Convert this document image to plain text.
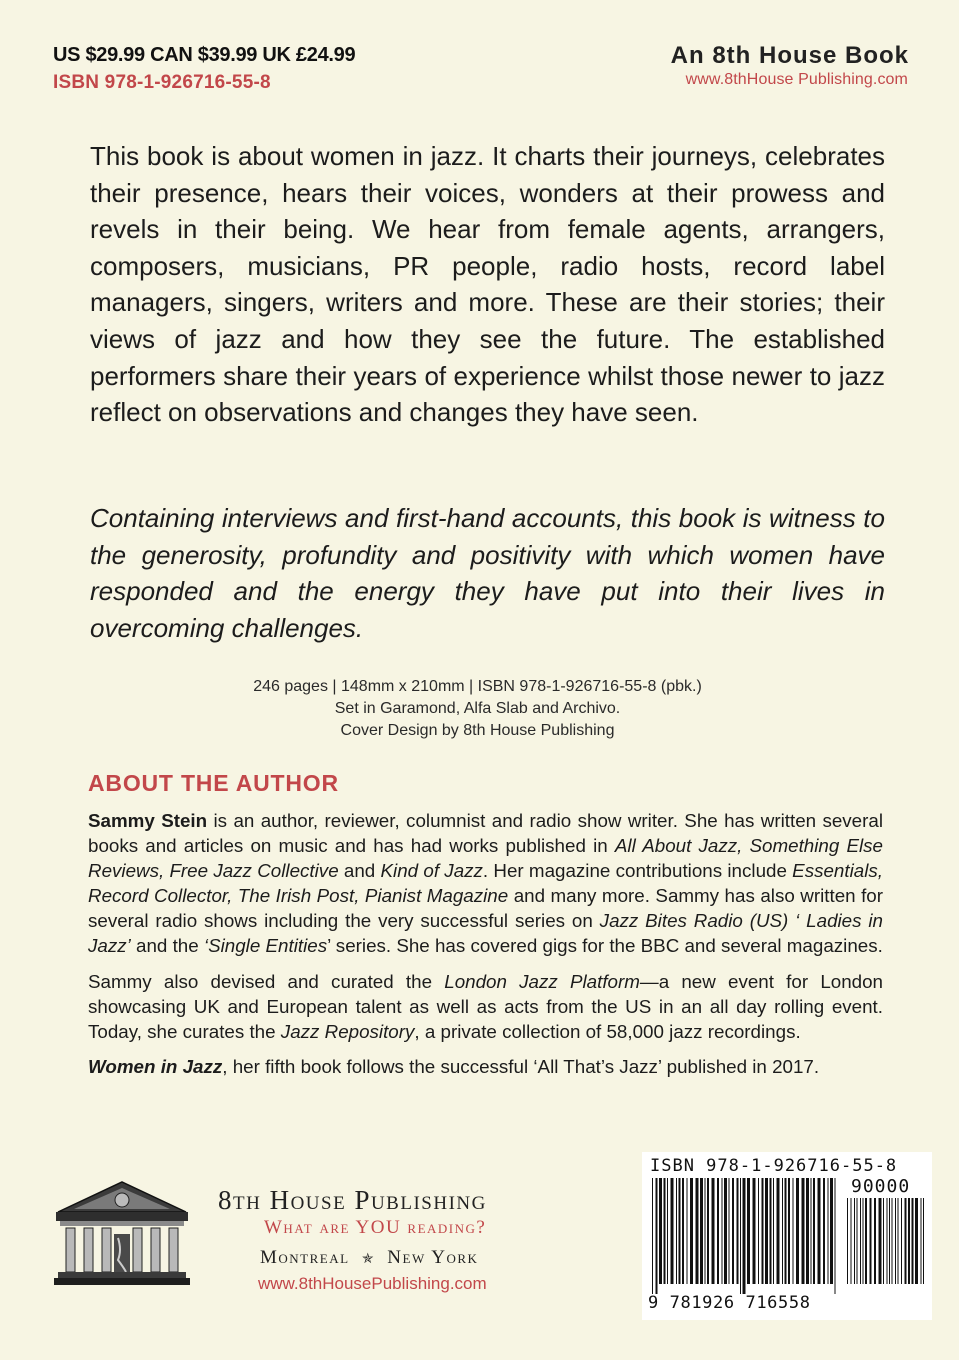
US $29.99 CAN $39.99 UK £24.99
ISBN 978-1-926716-55-8
An 8th House Book
www.8thHouse Publishing.com
This book is about women in jazz. It charts their journeys, celebrates their presence, hears their voices, wonders at their prowess and revels in their being. We hear from female agents, arrangers, composers, musicians, PR people, radio hosts, record label managers, singers, writers and more. These are their stories; their views of jazz and how they see the future. The established performers share their years of experience whilst those newer to jazz reflect on observations and changes they have seen.
Containing interviews and first-hand accounts, this book is witness to the generosity, profundity and positivity with which women have responded and the energy they have put into their lives in overcoming challenges.
246 pages | 148mm x 210mm | ISBN 978-1-926716-55-8 (pbk.)
Set in Garamond, Alfa Slab and Archivo.
Cover Design by 8th House Publishing
ABOUT THE AUTHOR

Sammy Stein is an author, reviewer, columnist and radio show writer. She has written several books and articles on music and has had works published in All About Jazz, Something Else Reviews, Free Jazz Collective and Kind of Jazz. Her magazine contributions include Essentials, Record Collector, The Irish Post, Pianist Magazine and many more. Sammy has also written for several radio shows including the very successful series on Jazz Bites Radio (US) ‘ Ladies in Jazz’ and the ‘Single Entities’ series. She has covered gigs for the BBC and several magazines.

Sammy also devised and curated the London Jazz Platform—a new event for London showcasing UK and European talent as well as acts from the US in an all day rolling event. Today, she curates the Jazz Repository, a private collection of 58,000 jazz recordings.

Women in Jazz, her fifth book follows the successful ‘All That’s Jazz’ published in 2017.

8th House Publishing
What are YOU reading?
Montreal ✯ New York
www.8thHousePublishing.com
ISBN 978-1-926716-55-8
90000
9 781926 716558
